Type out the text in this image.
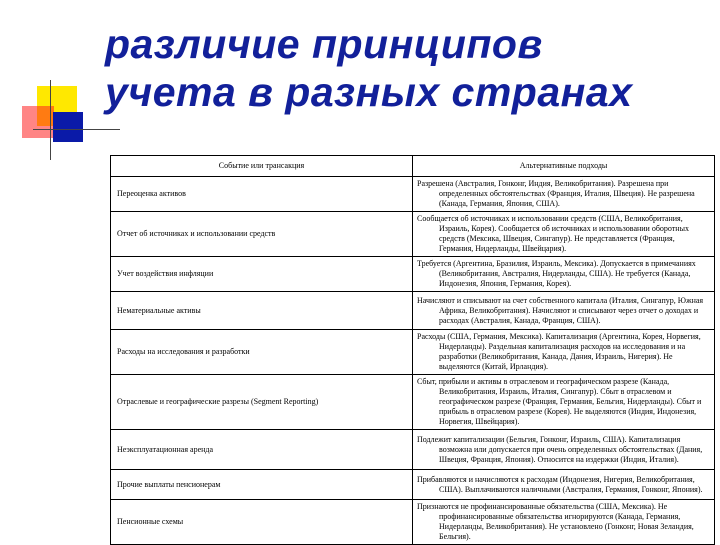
различие принципов
учета в разных странах
Событие или трансакция	Альтернативные подходы
Переоценка активов	Разрешена (Австралия, Гонконг, Индия, Великобритания). Разрешена при определенных обстоятельствах (Франция, Италия, Швеция). Не разрешена (Канада, Германия, Япония, США).
Отчет об источниках и использовании средств	Сообщается об источниках и использовании средств (США, Великобритания, Израиль, Корея). Сообщается об источниках и использовании оборотных средств (Мексика, Швеция, Сингапур). Не представляется (Франция, Германия, Нидерланды, Швейцария).
Учет воздействия инфляции	Требуется (Аргентина, Бразилия, Израиль, Мексика). Допускается в примечаниях (Великобритания, Австралия, Нидерланды, США). Не требуется (Канада, Индонезия, Япония, Германия, Корея).
Нематериальные активы	Начисляют и списывают на счет собственного капитала (Италия, Сингапур, Южная Африка, Великобритания). Начисляют и списывают через отчет о доходах и расходах (Австралия, Канада, Франция, США).
Расходы на исследования и разработки	Расходы (США, Германия, Мексика). Капитализация (Аргентина, Корея, Норвегия, Нидерланды). Раздельная капитализация расходов на исследования и на разработки (Великобритания, Канада, Дания, Израиль, Нигерия). Не выделяются (Китай, Ирландия).
Отраслевые и географические разрезы (Segment Reporting)	Сбыт, прибыли и активы в отраслевом и географическом разрезе (Канада, Великобритания, Израиль, Италия, Сингапур). Сбыт в отраслевом и географическом разрезе (Франция, Германия, Бельгия, Нидерланды). Сбыт и прибыль в отраслевом разрезе (Корея). Не выделяются (Индия, Индонезия, Норвегия, Швейцария).
Неэксплуатационная аренда	Подлежит капитализации (Бельгия, Гонконг, Израиль, США). Капитализация возможна или допускается при очень определенных обстоятельствах (Дания, Швеция, Франция, Япония). Относится на издержки (Индия, Италия).
Прочие выплаты пенсионерам	Прибавляются и начисляются к расходам (Индонезия, Нигерия, Великобритания, США). Выплачиваются наличными (Австралия, Германия, Гонконг, Япония).
Пенсионные схемы	Признаются не профинансированные обязательства (США, Мексика). Не профинансированные обязательства игнорируются (Канада, Германия, Нидерланды, Великобритания). Не установлено (Гонконг, Новая Зеландия, Бельгия).
